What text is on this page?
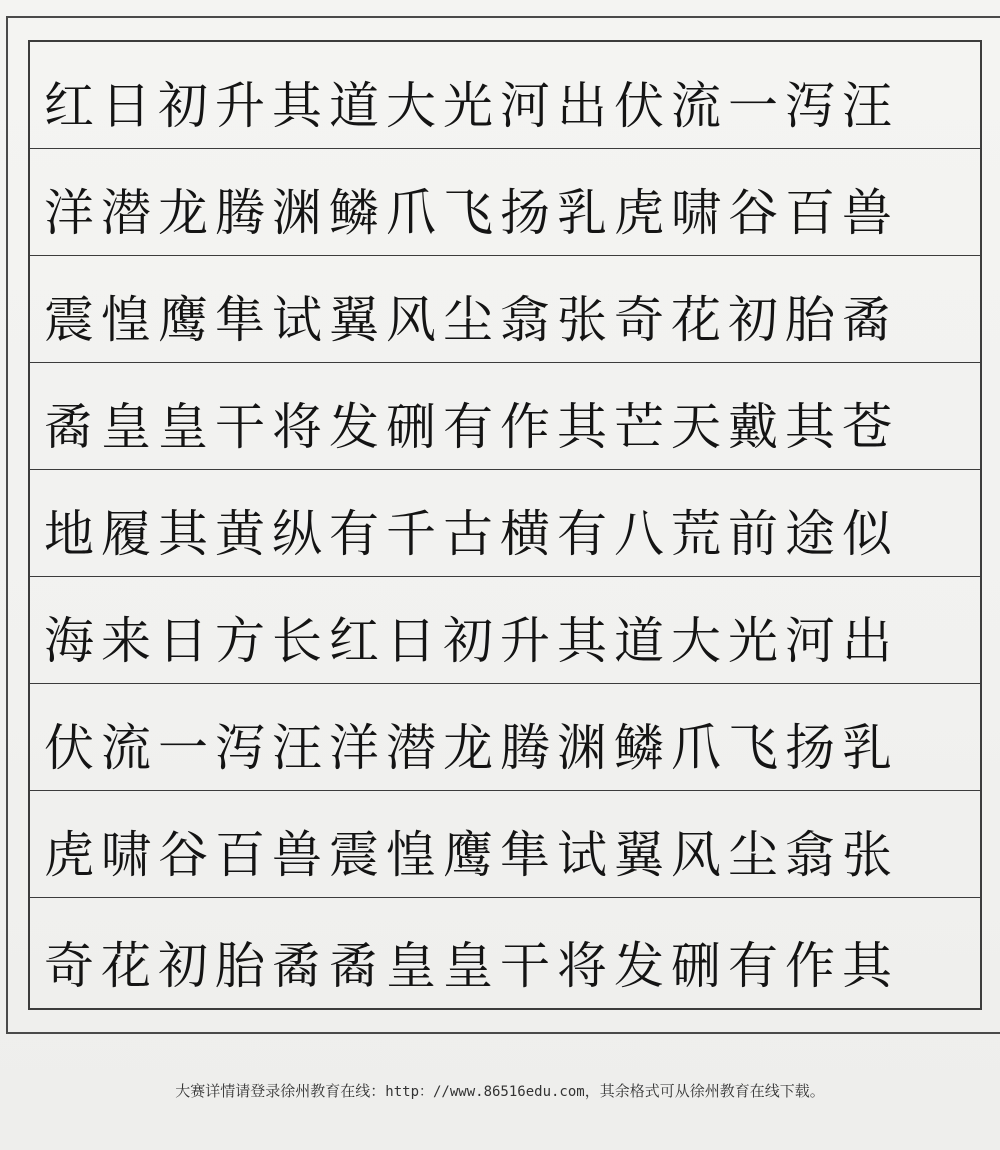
红日初升其道大光河出伏流一泻汪
洋潜龙腾渊鳞爪飞扬乳虎啸谷百兽
震惶鹰隼试翼风尘翕张奇花初胎矞
矞皇皇干将发硎有作其芒天戴其苍
地履其黄纵有千古横有八荒前途似
海来日方长红日初升其道大光河出
伏流一泻汪洋潜龙腾渊鳞爪飞扬乳
虎啸谷百兽震惶鹰隼试翼风尘翕张
奇花初胎矞矞皇皇干将发硎有作其
大赛详情请登录徐州教育在线：http：//www.86516edu.com，其余格式可从徐州教育在线下载。
